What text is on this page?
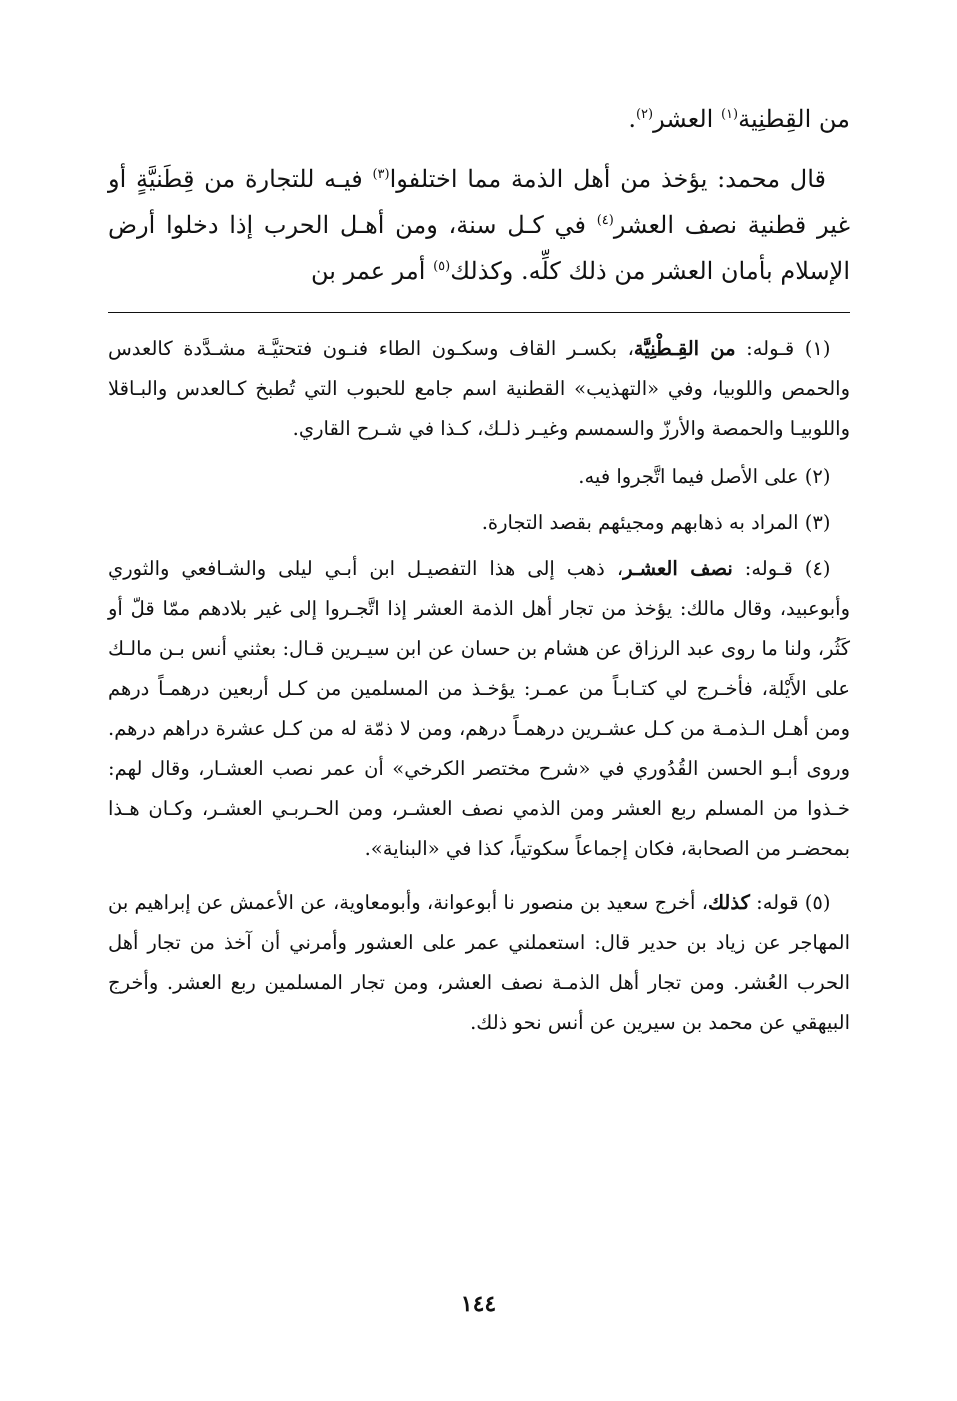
من القِطنِية$^{(١)}$ العشر$^{(٢)}$.

 قال محمد: يؤخذ من أهل الذمة مما اختلفوا$^{(٣)}$ فيـه للتجارة من قِطَنيَّةٍ أو غير قطنية نصف العشر$^{(٤)}$ في كـل سنة، ومن أهـل الحرب إذا دخلوا أرض الإسلام بأمان العشر من ذلك كلِّه. وكذلك$^{(٥)}$ أمر عمر بن

 (١) قـوله: من القِـطْنِيَّة، بكسـر القاف وسكـون الطاء فنـون فتحتيَّـة مشـدَّدة كالعدس والحمص واللوبيا، وفي «التهذيب» القطنية اسم جامع للحبوب التي تُطبخ كـالعدس والبـاقلا واللوبيـا والحمصة والأرزّ والسمسم وغيـر ذلـك، كـذا في شـرح القاري.

 (٢) على الأصل فيما اتَّجروا فيه.

 (٣) المراد به ذهابهم ومجيئهم بقصد التجارة.

 (٤) قـوله: نصف العشـر، ذهب إلى هذا التفصيـل ابن أبـي ليلى والشـافعي والثوري وأبوعبيد، وقال مالك: يؤخذ من تجار أهل الذمة العشر إذا اتَّجـروا إلى غير بلادهم ممّا قلّ أو كَثُر، ولنا ما روى عبد الرزاق عن هشام بن حسان عن ابن سيـرين قـال: بعثني أنس بـن مالـك على الأَيْلة، فأخـرج لي كتـابـاً من عمـر: يؤخـذ من المسلمين من كـل أربعين درهمـاً درهم ومن أهـل الـذمـة من كـل عشـرين درهمـاً درهم، ومن لا ذمّة له من كـل عشرة دراهم درهم. وروى أبـو الحسن القُدُوري في «شرح مختصر الكرخي» أن عمر نصب العشـار، وقال لهم: خـذوا من المسلم ربع العشر ومن الذمي نصف العشـر، ومن الحـربـي العشـر، وكـان هـذا بمحضـر من الصحابة، فكان إجماعاً سكوتياً، كذا في «البناية».

 (٥) قوله: كذلك، أخرج سعيد بن منصور نا أبوعوانة، وأبومعاوية، عن الأعمش عن إبراهيم بن المهاجر عن زياد بن حدير قال: استعملني عمر على العشور وأمرني أن آخذ من تجار أهل الحرب العُشر. ومن تجار أهل الذمـة نصف العشر، ومن تجار المسلمين ربع العشر. وأخرج البيهقي عن محمد بن سيرين عن أنس نحو ذلك.

١٤٤
